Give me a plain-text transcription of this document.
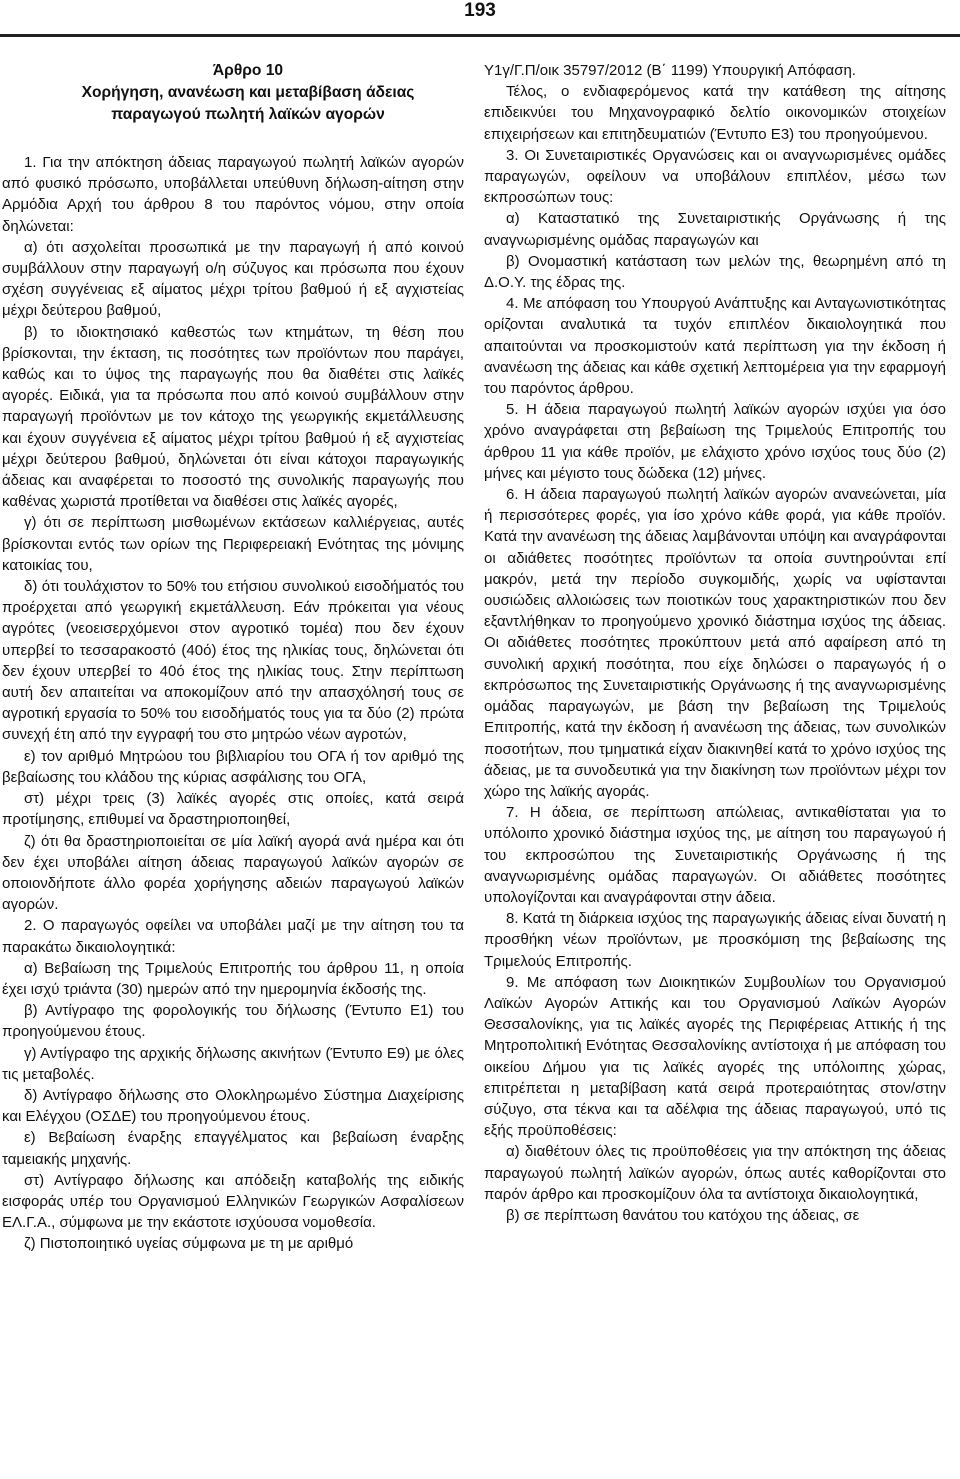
193
Άρθρο 10
Χορήγηση, ανανέωση και μεταβίβαση άδειας
παραγωγού πωλητή λαϊκών αγορών

1. Για την απόκτηση άδειας παραγωγού πωλητή λαϊκών αγορών από φυσικό πρόσωπο, υποβάλλεται υπεύθυνη δήλωση-αίτηση στην Αρμόδια Αρχή του άρθρου 8 του παρόντος νόμου, στην οποία δηλώνεται:

α) ότι ασχολείται προσωπικά με την παραγωγή ή από κοινού συμβάλλουν στην παραγωγή ο/η σύζυγος και πρόσωπα που έχουν σχέση συγγένειας εξ αίματος μέχρι τρίτου βαθμού ή εξ αγχιστείας μέχρι δεύτερου βαθμού,

β) το ιδιοκτησιακό καθεστώς των κτημάτων, τη θέση που βρίσκονται, την έκταση, τις ποσότητες των προϊόντων που παράγει, καθώς και το ύψος της παραγωγής που θα διαθέτει στις λαϊκές αγορές. Ειδικά, για τα πρόσωπα που από κοινού συμβάλλουν στην παραγωγή προϊόντων με τον κάτοχο της γεωργικής εκμετάλλευσης και έχουν συγγένεια εξ αίματος μέχρι τρίτου βαθμού ή εξ αγχιστείας μέχρι δεύτερου βαθμού, δηλώνεται ότι είναι κάτοχοι παραγωγικής άδειας και αναφέρεται το ποσοστό της συνολικής παραγωγής που καθένας χωριστά προτίθεται να διαθέσει στις λαϊκές αγορές,

γ) ότι σε περίπτωση μισθωμένων εκτάσεων καλλιέργειας, αυτές βρίσκονται εντός των ορίων της Περιφερειακή Ενότητας της μόνιμης κατοικίας του,

δ) ότι τουλάχιστον το 50% του ετήσιου συνολικού εισοδήματός του προέρχεται από γεωργική εκμετάλλευση. Εάν πρόκειται για νέους αγρότες (νεοεισερχόμενοι στον αγροτικό τομέα) που δεν έχουν υπερβεί το τεσσαρακοστό (40ό) έτος της ηλικίας τους, δηλώνεται ότι δεν έχουν υπερβεί το 40ό έτος της ηλικίας τους. Στην περίπτωση αυτή δεν απαιτείται να αποκομίζουν από την απασχόλησή τους σε αγροτική εργασία το 50% του εισοδήματός τους για τα δύο (2) πρώτα συνεχή έτη από την εγγραφή του στο μητρώο νέων αγροτών,

ε) τον αριθμό Μητρώου του βιβλιαρίου του ΟΓΑ ή τον αριθμό της βεβαίωσης του κλάδου της κύριας ασφάλισης του ΟΓΑ,

στ) μέχρι τρεις (3) λαϊκές αγορές στις οποίες, κατά σειρά προτίμησης, επιθυμεί να δραστηριοποιηθεί,

ζ) ότι θα δραστηριοποιείται σε μία λαϊκή αγορά ανά ημέρα και ότι δεν έχει υποβάλει αίτηση άδειας παραγωγού λαϊκών αγορών σε οποιονδήποτε άλλο φορέα χορήγησης αδειών παραγωγού λαϊκών αγορών.

2. Ο παραγωγός οφείλει να υποβάλει μαζί με την αίτηση του τα παρακάτω δικαιολογητικά:

α) Βεβαίωση της Τριμελούς Επιτροπής του άρθρου 11, η οποία έχει ισχύ τριάντα (30) ημερών από την ημερομηνία έκδοσής της.

β) Αντίγραφο της φορολογικής του δήλωσης (Έντυπο Ε1) του προηγούμενου έτους.

γ) Αντίγραφο της αρχικής δήλωσης ακινήτων (Έντυπο Ε9) με όλες τις μεταβολές.

δ) Αντίγραφο δήλωσης στο Ολοκληρωμένο Σύστημα Διαχείρισης και Ελέγχου (ΟΣΔΕ) του προηγούμενου έτους.

ε) Βεβαίωση έναρξης επαγγέλματος και βεβαίωση έναρξης ταμειακής μηχανής.

στ) Αντίγραφο δήλωσης και απόδειξη καταβολής της ειδικής εισφοράς υπέρ του Οργανισμού Ελληνικών Γεωργικών Ασφαλίσεων ΕΛ.Γ.Α., σύμφωνα με την εκάστοτε ισχύουσα νομοθεσία.

ζ) Πιστοποιητικό υγείας σύμφωνα με τη με αριθμό

Υ1γ/Γ.Π/οικ 35797/2012 (Β΄ 1199) Υπουργική Απόφαση.

Τέλος, ο ενδιαφερόμενος κατά την κατάθεση της αίτησης επιδεικνύει του Μηχανογραφικό δελτίο οικονομικών στοιχείων επιχειρήσεων και επιτηδευματιών (Έντυπο Ε3) του προηγούμενου.

3. Οι Συνεταιριστικές Οργανώσεις και οι αναγνωρισμένες ομάδες παραγωγών, οφείλουν να υποβάλουν επιπλέον, μέσω των εκπροσώπων τους:

α) Καταστατικό της Συνεταιριστικής Οργάνωσης ή της αναγνωρισμένης ομάδας παραγωγών και

β) Ονομαστική κατάσταση των μελών της, θεωρημένη από τη Δ.Ο.Υ. της έδρας της.

4. Με απόφαση του Υπουργού Ανάπτυξης και Ανταγωνιστικότητας ορίζονται αναλυτικά τα τυχόν επιπλέον δικαιολογητικά που απαιτούνται να προσκομιστούν κατά περίπτωση για την έκδοση ή ανανέωση της άδειας και κάθε σχετική λεπτομέρεια για την εφαρμογή του παρόντος άρθρου.

5. Η άδεια παραγωγού πωλητή λαϊκών αγορών ισχύει για όσο χρόνο αναγράφεται στη βεβαίωση της Τριμελούς Επιτροπής του άρθρου 11 για κάθε προϊόν, με ελάχιστο χρόνο ισχύος τους δύο (2) μήνες και μέγιστο τους δώδεκα (12) μήνες.

6. Η άδεια παραγωγού πωλητή λαϊκών αγορών ανανεώνεται, μία ή περισσότερες φορές, για ίσο χρόνο κάθε φορά, για κάθε προϊόν. Κατά την ανανέωση της άδειας λαμβάνονται υπόψη και αναγράφονται οι αδιάθετες ποσότητες προϊόντων τα οποία συντηρούνται επί μακρόν, μετά την περίοδο συγκομιδής, χωρίς να υφίστανται ουσιώδεις αλλοιώσεις των ποιοτικών τους χαρακτηριστικών που δεν εξαντλήθηκαν το προηγούμενο χρονικό διάστημα ισχύος της άδειας. Οι αδιάθετες ποσότητες προκύπτουν μετά από αφαίρεση από τη συνολική αρχική ποσότητα, που είχε δηλώσει ο παραγωγός ή ο εκπρόσωπος της Συνεταιριστικής Οργάνωσης ή της αναγνωρισμένης ομάδας παραγωγών, με βάση την βεβαίωση της Τριμελούς Επιτροπής, κατά την έκδοση ή ανανέωση της άδειας, των συνολικών ποσοτήτων, που τμηματικά είχαν διακινηθεί κατά το χρόνο ισχύος της άδειας, με τα συνοδευτικά για την διακίνηση των προϊόντων μέχρι τον χώρο της λαϊκής αγοράς.

7. Η άδεια, σε περίπτωση απώλειας, αντικαθίσταται για το υπόλοιπο χρονικό διάστημα ισχύος της, με αίτηση του παραγωγού ή του εκπροσώπου της Συνεταιριστικής Οργάνωσης ή της αναγνωρισμένης ομάδας παραγωγών. Οι αδιάθετες ποσότητες υπολογίζονται και αναγράφονται στην άδεια.

8. Κατά τη διάρκεια ισχύος της παραγωγικής άδειας είναι δυνατή η προσθήκη νέων προϊόντων, με προσκόμιση της βεβαίωσης της Τριμελούς Επιτροπής.

9. Με απόφαση των Διοικητικών Συμβουλίων του Οργανισμού Λαϊκών Αγορών Αττικής και του Οργανισμού Λαϊκών Αγορών Θεσσαλονίκης, για τις λαϊκές αγορές της Περιφέρειας Αττικής ή της Μητροπολιτική Ενότητας Θεσσαλονίκης αντίστοιχα ή με απόφαση του οικείου Δήμου για τις λαϊκές αγορές της υπόλοιπης χώρας, επιτρέπεται η μεταβίβαση κατά σειρά προτεραιότητας στον/στην σύζυγο, στα τέκνα και τα αδέλφια της άδειας παραγωγού, υπό τις εξής προϋποθέσεις:

α) διαθέτουν όλες τις προϋποθέσεις για την απόκτηση της άδειας παραγωγού πωλητή λαϊκών αγορών, όπως αυτές καθορίζονται στο παρόν άρθρο και προσκομίζουν όλα τα αντίστοιχα δικαιολογητικά,

β) σε περίπτωση θανάτου του κατόχου της άδειας, σε
